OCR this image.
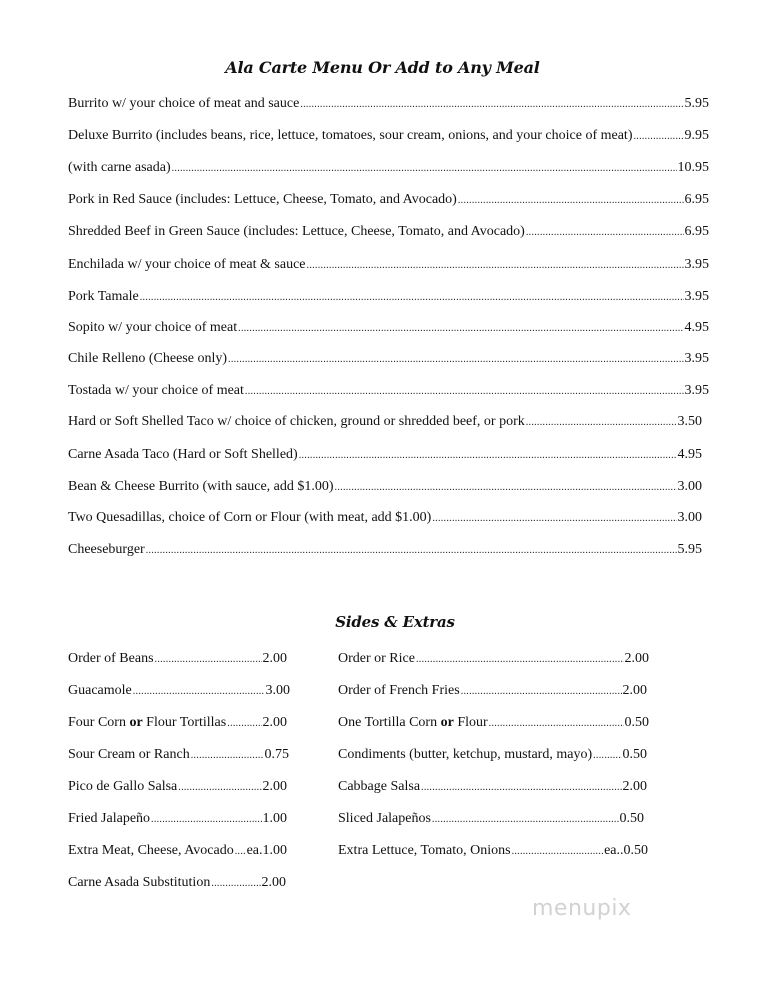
Ala Carte Menu Or Add to Any Meal
Burrito w/ your choice of meat and sauce .....	5.95
Deluxe Burrito (includes beans, rice, lettuce, tomatoes, sour cream, onions, and your choice of meat) .....	9.95
(with carne asada) .....	10.95
Pork in Red Sauce (includes: Lettuce, Cheese, Tomato, and Avocado) .....	6.95
Shredded Beef in Green Sauce (includes: Lettuce, Cheese, Tomato, and Avocado) .....	6.95
Enchilada w/ your choice of meat & sauce .....	3.95
Pork Tamale .....	3.95
Sopito w/ your choice of meat .....	4.95
Chile Relleno (Cheese only) .....	3.95
Tostada w/ your choice of meat .....	3.95
Hard or Soft Shelled Taco w/ choice of chicken, ground or shredded beef, or pork .....	3.50
Carne Asada Taco (Hard or Soft Shelled) .....	4.95
Bean & Cheese Burrito (with sauce, add $1.00) .....	3.00
Two Quesadillas, choice of Corn or Flour (with meat, add $1.00) .....	3.00
Cheeseburger .....	5.95
Sides & Extras
Order of Beans .....	2.00
Guacamole .....	3.00
Four Corn or Flour Tortillas .....	2.00
Sour Cream or Ranch .....	0.75
Pico de Gallo Salsa .....	2.00
Fried Jalapeño .....	1.00
Extra Meat, Cheese, Avocado ..... ea.1.00
Carne Asada Substitution .....	2.00
Order or Rice .....	2.00
Order of French Fries .....	2.00
One Tortilla Corn or Flour .....	0.50
Condiments (butter, ketchup, mustard, mayo) ..... 0.50
Cabbage Salsa .....	2.00
Sliced Jalapeños .....	0.50
Extra Lettuce, Tomato, Onions .....	ea..0.50
menupix
